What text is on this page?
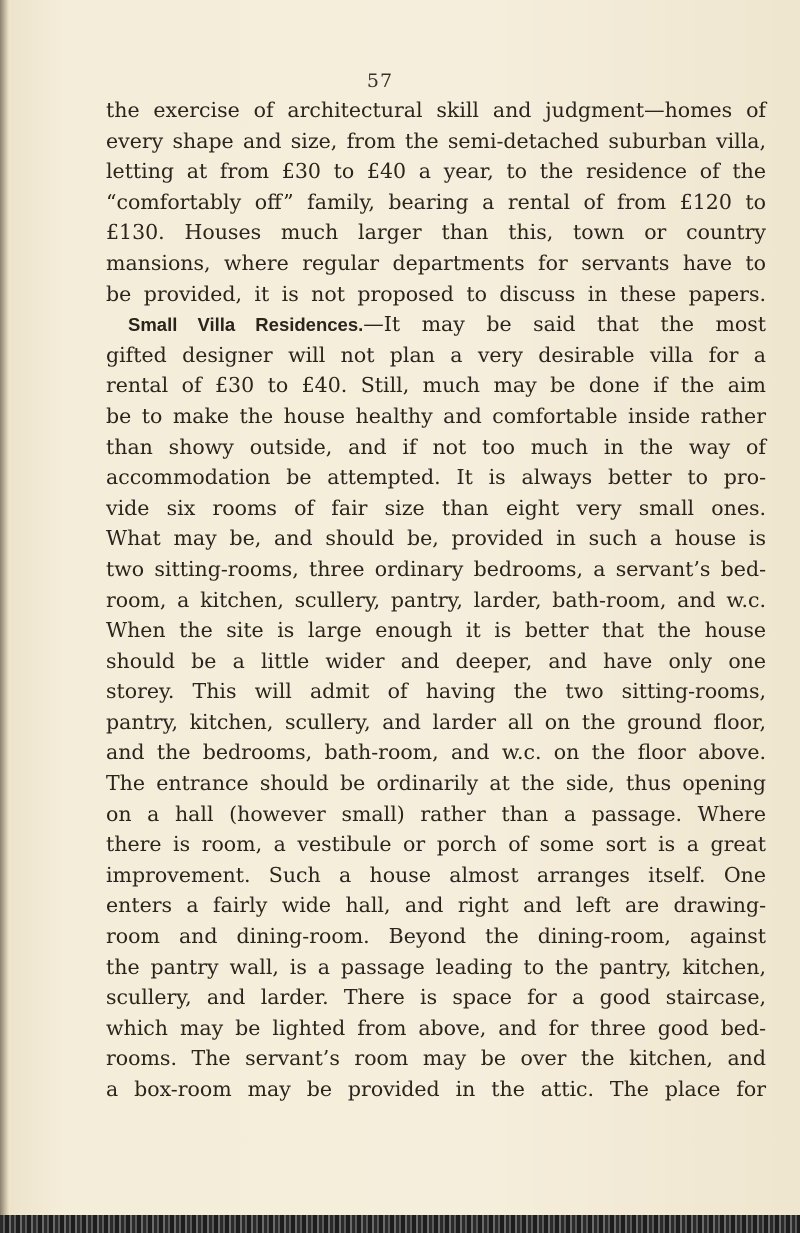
57
the exercise of architectural skill and judgment—homes of
every shape and size, from the semi-detached suburban villa,
letting at from £30 to £40 a year, to the residence of the
“comfortably off” family, bearing a rental of from £120 to
£130. Houses much larger than this, town or country
mansions, where regular departments for servants have to
be provided, it is not proposed to discuss in these papers.
Small Villa Residences.—It may be said that the most
gifted designer will not plan a very desirable villa for a
rental of £30 to £40. Still, much may be done if the aim
be to make the house healthy and comfortable inside rather
than showy outside, and if not too much in the way of
accommodation be attempted. It is always better to pro-
vide six rooms of fair size than eight very small ones.
What may be, and should be, provided in such a house is
two sitting-rooms, three ordinary bedrooms, a servant’s bed-
room, a kitchen, scullery, pantry, larder, bath-room, and w.c.
When the site is large enough it is better that the house
should be a little wider and deeper, and have only one
storey. This will admit of having the two sitting-rooms,
pantry, kitchen, scullery, and larder all on the ground floor,
and the bedrooms, bath-room, and w.c. on the floor above.
The entrance should be ordinarily at the side, thus opening
on a hall (however small) rather than a passage. Where
there is room, a vestibule or porch of some sort is a great
improvement. Such a house almost arranges itself. One
enters a fairly wide hall, and right and left are drawing-
room and dining-room. Beyond the dining-room, against
the pantry wall, is a passage leading to the pantry, kitchen,
scullery, and larder. There is space for a good staircase,
which may be lighted from above, and for three good bed-
rooms. The servant’s room may be over the kitchen, and
a box-room may be provided in the attic. The place for
